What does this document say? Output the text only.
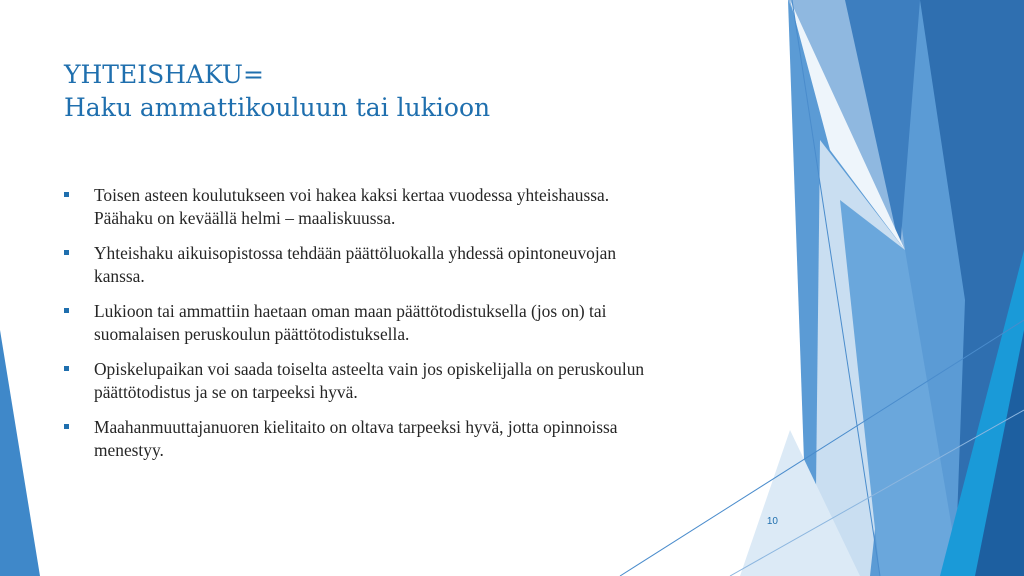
YHTEISHAKU=
Haku ammattikouluun tai lukioon
Toisen asteen koulutukseen voi hakea kaksi kertaa vuodessa yhteishaussa.
Päähaku on keväällä helmi – maaliskuussa.
Yhteishaku aikuisopistossa tehdään päättöluokalla yhdessä opintoneuvojan
kanssa.
Lukioon tai ammattiin haetaan oman maan päättötodistuksella (jos on) tai
suomalaisen peruskoulun päättötodistuksella.
Opiskelupaikan voi saada toiselta asteelta vain jos opiskelijalla on peruskoulun
päättötodistus ja se on tarpeeksi hyvä.
Maahanmuuttajanuoren kielitaito on oltava tarpeeksi hyvä, jotta opinnoissa
menestyy.
10
